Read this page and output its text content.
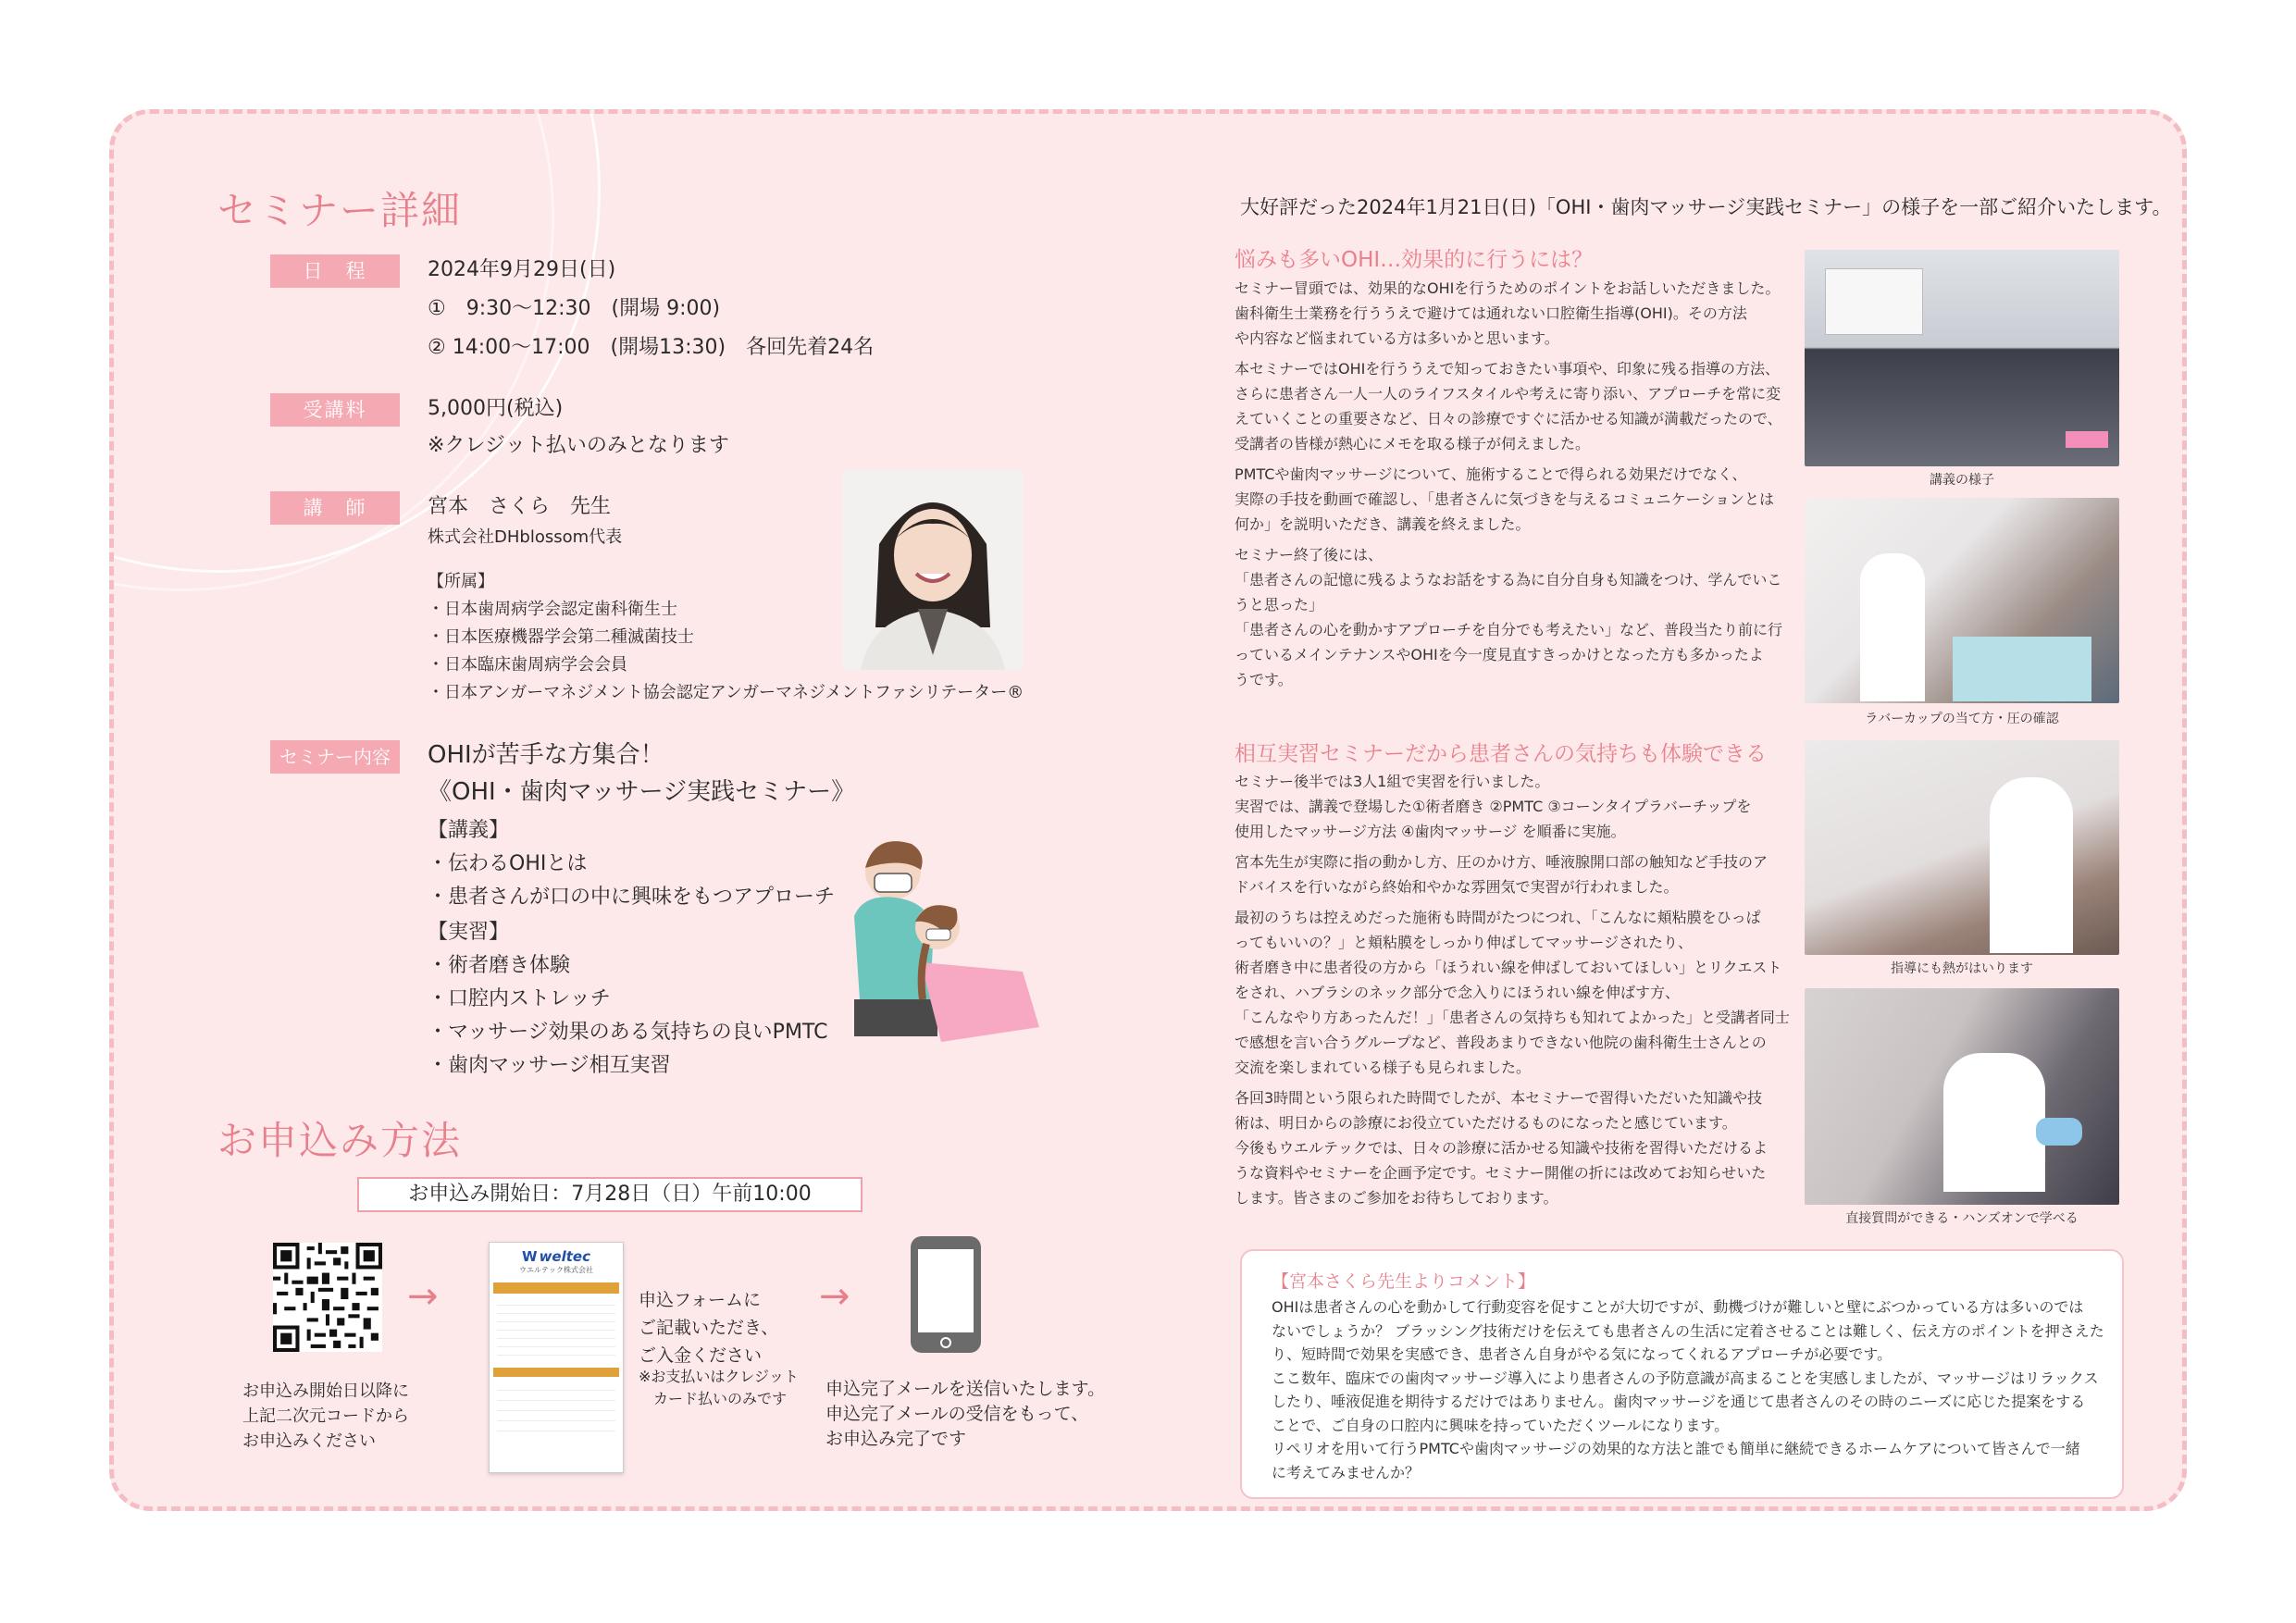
セミナー詳細
日　程	2024年9月29日(日)
①　9:30～12:30　(開場 9:00)
② 14:00～17:00　(開場13:30)　各回先着24名
受講料	5,000円(税込)
※クレジット払いのみとなります
講　師	宮本　さくら　先生
株式会社DHblossom代表
【所属】
・日本歯周病学会認定歯科衛生士
・日本医療機器学会第二種滅菌技士
・日本臨床歯周病学会会員
・日本アンガーマネジメント協会認定アンガーマネジメントファシリテーター®
セミナー内容	OHIが苦手な方集合！
《OHI・歯肉マッサージ実践セミナー》
【講義】
・伝わるOHIとは
・患者さんが口の中に興味をもつアプローチ
【実習】
・術者磨き体験
・口腔内ストレッチ
・マッサージ効果のある気持ちの良いPMTC
・歯肉マッサージ相互実習
お申込み方法
お申込み開始日：7月28日（日）午前10:00
お申込み開始日以降に
上記二次元コードから
お申込みください
→
W weltec
ウエルテック株式会社
申込フォームに
ご記載いただき、
ご入金ください
※お支払いはクレジット
　カード払いのみです
→
申込完了メールを送信いたします。
申込完了メールの受信をもって、
お申込み完了です
大好評だった2024年1月21日(日)「OHI・歯肉マッサージ実践セミナー」の様子を一部ご紹介いたします。
悩みも多いOHI…効果的に行うには？
セミナー冒頭では、効果的なOHIを行うためのポイントをお話しいただきました。
歯科衛生士業務を行ううえで避けては通れない口腔衛生指導(OHI)。その方法
や内容など悩まれている方は多いかと思います。
本セミナーではOHIを行ううえで知っておきたい事項や、印象に残る指導の方法、
さらに患者さん一人一人のライフスタイルや考えに寄り添い、アプローチを常に変
えていくことの重要さなど、日々の診療ですぐに活かせる知識が満載だったので、
受講者の皆様が熱心にメモを取る様子が伺えました。
PMTCや歯肉マッサージについて、施術することで得られる効果だけでなく、
実際の手技を動画で確認し、「患者さんに気づきを与えるコミュニケーションとは
何か」を説明いただき、講義を終えました。
セミナー終了後には、
「患者さんの記憶に残るようなお話をする為に自分自身も知識をつけ、学んでいこ
うと思った」
「患者さんの心を動かすアプローチを自分でも考えたい」など、普段当たり前に行
っているメインテナンスやOHIを今一度見直すきっかけとなった方も多かったよ
うです。
相互実習セミナーだから患者さんの気持ちも体験できる
セミナー後半では3人1組で実習を行いました。
実習では、講義で登場した①術者磨き ②PMTC ③コーンタイプラバーチップを
使用したマッサージ方法 ④歯肉マッサージ を順番に実施。
宮本先生が実際に指の動かし方、圧のかけ方、唾液腺開口部の触知など手技のア
ドバイスを行いながら終始和やかな雰囲気で実習が行われました。
最初のうちは控えめだった施術も時間がたつにつれ、「こんなに頬粘膜をひっぱ
ってもいいの？」と頬粘膜をしっかり伸ばしてマッサージされたり、
術者磨き中に患者役の方から「ほうれい線を伸ばしておいてほしい」とリクエスト
をされ、ハブラシのネック部分で念入りにほうれい線を伸ばす方、
「こんなやり方あったんだ！」「患者さんの気持ちも知れてよかった」と受講者同士
で感想を言い合うグループなど、普段あまりできない他院の歯科衛生士さんとの
交流を楽しまれている様子も見られました。
各回3時間という限られた時間でしたが、本セミナーで習得いただいた知識や技
術は、明日からの診療にお役立ていただけるものになったと感じています。
今後もウエルテックでは、日々の診療に活かせる知識や技術を習得いただけるよ
うな資料やセミナーを企画予定です。セミナー開催の折には改めてお知らせいた
します。皆さまのご参加をお待ちしております。
講義の様子
ラバーカップの当て方・圧の確認
指導にも熱がはいります
直接質問ができる・ハンズオンで学べる
【宮本さくら先生よりコメント】
OHIは患者さんの心を動かして行動変容を促すことが大切ですが、動機づけが難しいと壁にぶつかっている方は多いのでは
ないでしょうか？ ブラッシング技術だけを伝えても患者さんの生活に定着させることは難しく、伝え方のポイントを押さえた
り、短時間で効果を実感でき、患者さん自身がやる気になってくれるアプローチが必要です。
ここ数年、臨床での歯肉マッサージ導入により患者さんの予防意識が高まることを実感しましたが、マッサージはリラックス
したり、唾液促進を期待するだけではありません。歯肉マッサージを通じて患者さんのその時のニーズに応じた提案をする
ことで、ご自身の口腔内に興味を持っていただくツールになります。
リペリオを用いて行うPMTCや歯肉マッサージの効果的な方法と誰でも簡単に継続できるホームケアについて皆さんで一緒
に考えてみませんか？
